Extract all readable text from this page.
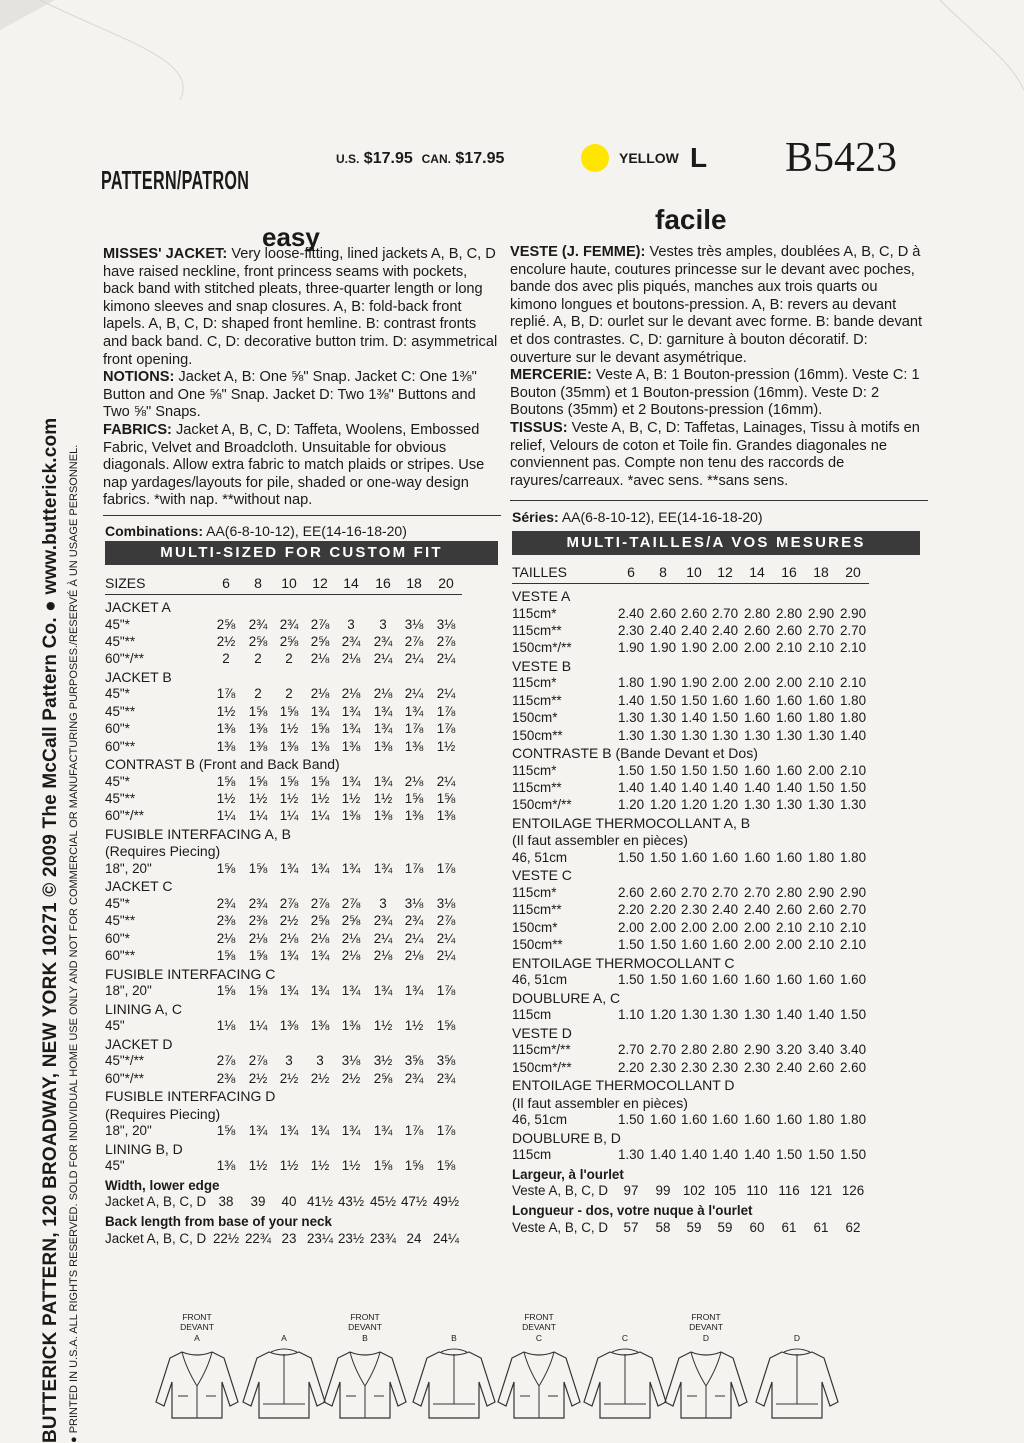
BUTTERICK PATTERN, 120 BROADWAY, NEW YORK 10271 © 2009 The McCall Pattern Co. ● www.butterick.com ● PRINTED IN U.S.A. ALL RIGHTS RESERVED. SOLD FOR INDIVIDUAL HOME USE ONLY AND NOT FOR COMMERCIAL OR MANUFACTURING PURPOSES./RESERVÉ À UN USAGE PERSONNEL.
PATTERN/PATRON
U.S. $17.95 CAN. $17.95	YELLOW L B5423
easy
facile

MISSES' JACKET: Very loose-fitting, lined jackets A, B, C, D have raised neckline, front princess seams with pockets, back band with stitched pleats, three-quarter length or long kimono sleeves and snap closures. A, B: fold-back front lapels. A, B, C, D: shaped front hemline. B: contrast fronts and back band. C, D: decorative button trim. D: asymmetrical front opening.

NOTIONS: Jacket A, B: One ⅝" Snap. Jacket C: One 1⅜" Button and One ⅝" Snap. Jacket D: Two 1⅜" Buttons and Two ⅝" Snaps.

FABRICS: Jacket A, B, C, D: Taffeta, Woolens, Embossed Fabric, Velvet and Broadcloth. Unsuitable for obvious diagonals. Allow extra fabric to match plaids or stripes. Use nap yardages/layouts for pile, shaded or one-way design fabrics. *with nap. **without nap.

VESTE (J. FEMME): Vestes très amples, doublées A, B, C, D à encolure haute, coutures princesse sur le devant avec poches, bande dos avec plis piqués, manches aux trois quarts ou kimono longues et boutons-pression. A, B: revers au devant replié. A, B, D: ourlet sur le devant avec forme. B: bande devant et dos contrastes. C, D: garniture à bouton décoratif. D: ouverture sur le devant asymétrique.

MERCERIE: Veste A, B: 1 Bouton-pression (16mm). Veste C: 1 Bouton (35mm) et 1 Bouton-pression (16mm). Veste D: 2 Boutons (35mm) et 2 Boutons-pression (16mm).

TISSUS: Veste A, B, C, D: Taffetas, Lainages, Tissu à motifs en relief, Velours de coton et Toile fin. Grandes diagonales ne conviennent pas. Compte non tenu des raccords de rayures/carreaux. *avec sens. **sans sens.

Combinations: AA(6-8-10-12), EE(14-16-18-20)
Séries: AA(6-8-10-12), EE(14-16-18-20)
MULTI-SIZED FOR CUSTOM FIT
MULTI-TAILLES/A VOS MESURES
SIZES	6	8	10	12	14	16	18	20
JACKET A
45"*	2⅝ 2¾ 2¾ 2⅞	3	3	3⅛ 3⅛
45"**	2½ 2⅝ 2⅝ 2⅝ 2¾ 2¾ 2⅞ 2⅞
60"*/**	2	2	2	2⅛ 2⅛ 2¼ 2¼ 2¼
JACKET B
45"*	1⅞	2	2	2⅛ 2⅛ 2⅛ 2¼ 2¼
45"**	1½ 1⅝ 1⅝ 1¾ 1¾ 1¾ 1¾ 1⅞
60"*	1⅜ 1⅜ 1½ 1⅝ 1¾ 1¾ 1⅞ 1⅞
60"**	1⅜ 1⅜ 1⅜ 1⅜ 1⅜ 1⅜ 1⅜ 1½
CONTRAST B (Front and Back Band)
45"*	1⅝ 1⅝ 1⅝ 1⅝ 1¾ 1¾ 2⅛ 2¼
45"**	1½ 1½ 1½ 1½ 1½ 1½ 1⅝ 1⅝
60"*/**	1¼ 1¼ 1¼ 1¼ 1⅜ 1⅜ 1⅜ 1⅜
FUSIBLE INTERFACING A, B
(Requires Piecing)
18", 20"	1⅝ 1⅝ 1¾ 1¾ 1¾ 1¾ 1⅞ 1⅞
JACKET C
45"*	2¾ 2¾ 2⅞ 2⅞ 2⅞	3	3⅛ 3⅛
45"**	2⅜ 2⅜ 2½ 2⅝ 2⅝ 2¾ 2¾ 2⅞
60"*	2⅛ 2⅛ 2⅛ 2⅛ 2⅛ 2¼ 2¼ 2¼
60"**	1⅝ 1⅝ 1¾ 1¾ 2⅛ 2⅛ 2⅛ 2¼
FUSIBLE INTERFACING C
18", 20"	1⅝ 1⅝ 1¾ 1¾ 1¾ 1¾ 1¾ 1⅞
LINING A, C
45"	1⅛ 1¼ 1⅜ 1⅜ 1⅜ 1½ 1½ 1⅝
JACKET D
45"*/**	2⅞ 2⅞	3	3	3⅛ 3½ 3⅝ 3⅝
60"*/**	2⅜ 2½ 2½ 2½ 2½ 2⅝ 2¾ 2¾
FUSIBLE INTERFACING D
(Requires Piecing)
18", 20"	1⅝ 1¾ 1¾ 1¾ 1¾ 1¾ 1⅞ 1⅞
LINING B, D
45"	1⅜ 1½ 1½ 1½ 1½ 1⅝ 1⅝ 1⅝
Width, lower edge
Jacket A, B, C, D 38	39	40 41½ 43½ 45½ 47½ 49½
Back length from base of your neck
Jacket A, B, C, D 22½ 22¾ 23 23¼ 23½ 23¾ 24 24¼
TAILLES	6	8	10	12	14	16	18	20
VESTE A
115cm*	2.40 2.60 2.60 2.70 2.80 2.80 2.90 2.90
115cm**	2.30 2.40 2.40 2.40 2.60 2.60 2.70 2.70
150cm*/**	1.90 1.90 1.90 2.00 2.00 2.10 2.10 2.10
VESTE B
115cm*	1.80 1.90 1.90 2.00 2.00 2.00 2.10 2.10
115cm**	1.40 1.50 1.50 1.60 1.60 1.60 1.60 1.80
150cm*	1.30 1.30 1.40 1.50 1.60 1.60 1.80 1.80
150cm**	1.30 1.30 1.30 1.30 1.30 1.30 1.30 1.40
CONTRASTE B (Bande Devant et Dos)
115cm*	1.50 1.50 1.50 1.50 1.60 1.60 2.00 2.10
115cm**	1.40 1.40 1.40 1.40 1.40 1.40 1.50 1.50
150cm*/**	1.20 1.20 1.20 1.20 1.30 1.30 1.30 1.30
ENTOILAGE THERMOCOLLANT A, B
(Il faut assembler en pièces)
46, 51cm	1.50 1.50 1.60 1.60 1.60 1.60 1.80 1.80
VESTE C
115cm*	2.60 2.60 2.70 2.70 2.70 2.80 2.90 2.90
115cm**	2.20 2.20 2.30 2.40 2.40 2.60 2.60 2.70
150cm*	2.00 2.00 2.00 2.00 2.00 2.10 2.10 2.10
150cm**	1.50 1.50 1.60 1.60 2.00 2.00 2.10 2.10
ENTOILAGE THERMOCOLLANT C
46, 51cm	1.50 1.50 1.60 1.60 1.60 1.60 1.60 1.60
DOUBLURE A, C
115cm	1.10 1.20 1.30 1.30 1.30 1.40 1.40 1.50
VESTE D
115cm*/**	2.70 2.70 2.80 2.80 2.90 3.20 3.40 3.40
150cm*/**	2.20 2.30 2.30 2.30 2.30 2.40 2.60 2.60
ENTOILAGE THERMOCOLLANT D
(Il faut assembler en pièces)
46, 51cm	1.50 1.60 1.60 1.60 1.60 1.60 1.80 1.80
DOUBLURE B, D
115cm	1.30 1.40 1.40 1.40 1.40 1.50 1.50 1.50
Largeur, à l'ourlet
Veste A, B, C, D	97	99 102 105 110 116 121 126
Longueur - dos, votre nuque à l'ourlet
Veste A, B, C, D	57	58	59	59	60	61	61	62
FRONT
DEVANT
A	A
FRONT
DEVANT
B	B
FRONT
DEVANT
C	C
FRONT
DEVANT
D	D
